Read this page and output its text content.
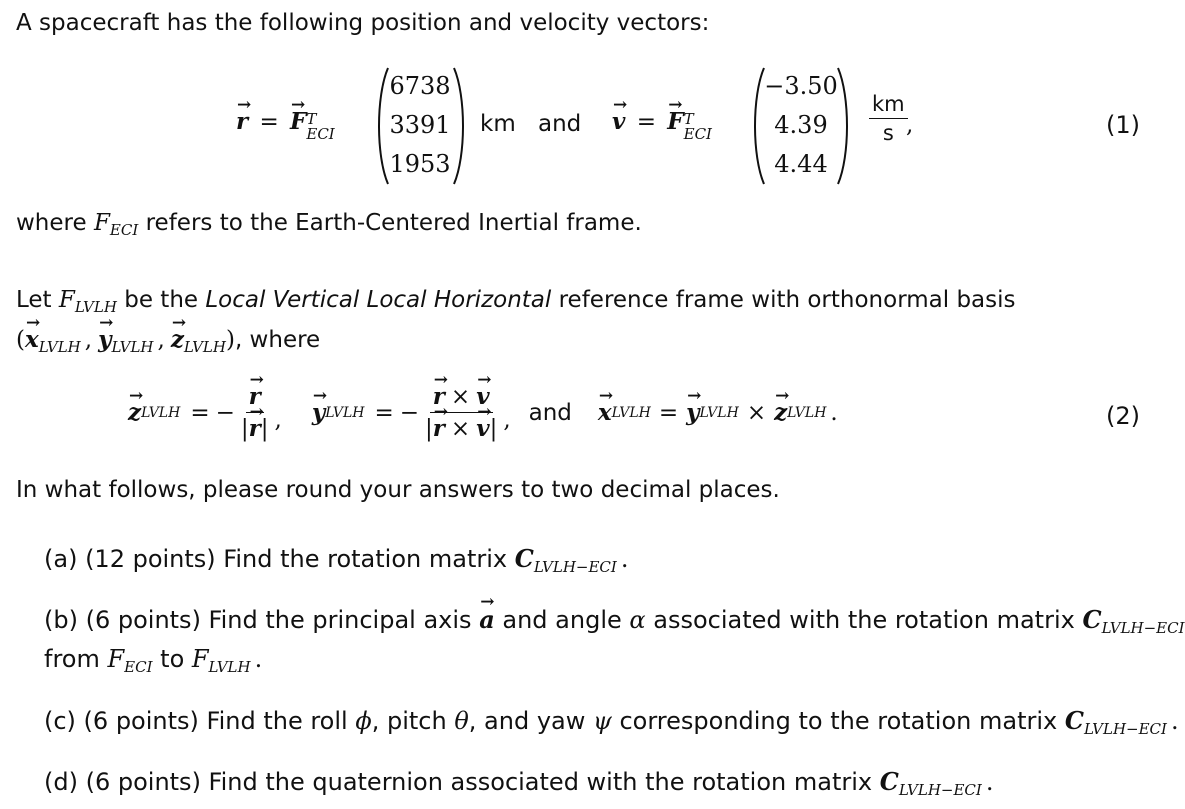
A spacecraft has the following position and velocity vectors:
→ r = → F T
ECI
6738
3391
1953
km and → v = → F T
ECI
−3.50
4.39
4.44
$\frac{km}{s}$
,	(1)
where $F_{ECI}$ refers to the Earth-Centered Inertial frame.
Let $F_{LVLH}$ be the Local Vertical Local Horizontal reference frame with orthonormal basis
(→ $x_{LVLH}$ , → $y_{LVLH}$ , → $z_{LVLH}$), where
→ z LVLH = − → $\frac{r}{|\to r|}$ , → y LVLH = − → $\frac{r \times \to v}{|\to r \times \to v|}$ , and → x LVLH = → y LVLH × → z LVLH .	(2)
In what follows, please round your answers to two decimal places.
(a) (12 points) Find the rotation matrix $C_{LVLH-ECI}$ .
(b) (6 points) Find the principal axis → a and angle α associated with the rotation matrix $C_{LVLH-ECI}$
from $F_{ECI}$ to $F_{LVLH}$ .
(c) (6 points) Find the roll ϕ, pitch θ, and yaw ψ corresponding to the rotation matrix $C_{LVLH-ECI}$ .
(d) (6 points) Find the quaternion associated with the rotation matrix $C_{LVLH-ECI}$ .
